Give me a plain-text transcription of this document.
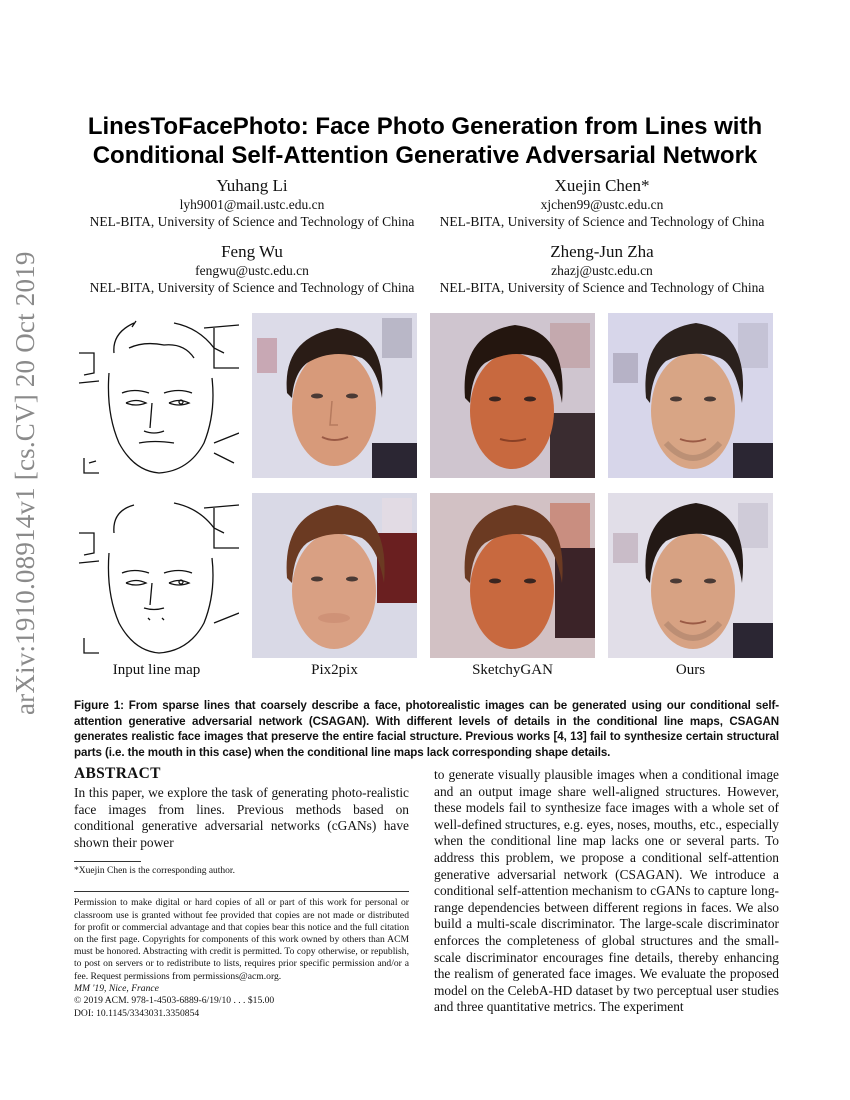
arXiv:1910.08914v1 [cs.CV] 20 Oct 2019
LinesToFacePhoto: Face Photo Generation from Lines with
Conditional Self-Attention Generative Adversarial Network
Yuhang Li
lyh9001@mail.ustc.edu.cn
NEL-BITA, University of Science and Technology of China
Xuejin Chen*
xjchen99@ustc.edu.cn
NEL-BITA, University of Science and Technology of China
Feng Wu
fengwu@ustc.edu.cn
NEL-BITA, University of Science and Technology of China
Zheng-Jun Zha
zhazj@ustc.edu.cn
NEL-BITA, University of Science and Technology of China
Input line map	Pix2pix	SketchyGAN	Ours
Figure 1: From sparse lines that coarsely describe a face, photorealistic images can be generated using our conditional self-attention generative adversarial network (CSAGAN). With different levels of details in the conditional line maps, CSAGAN generates realistic face images that preserve the entire facial structure. Previous works [4, 13] fail to synthesize certain structural parts (i.e. the mouth in this case) when the conditional line maps lack corresponding shape details.
ABSTRACT

In this paper, we explore the task of generating photo-realistic face images from lines. Previous methods based on conditional generative adversarial networks (cGANs) have shown their power

*Xuejin Chen is the corresponding author.

Permission to make digital or hard copies of all or part of this work for personal or classroom use is granted without fee provided that copies are not made or distributed for profit or commercial advantage and that copies bear this notice and the full citation on the first page. Copyrights for components of this work owned by others than ACM must be honored. Abstracting with credit is permitted. To copy otherwise, or republish, to post on servers or to redistribute to lists, requires prior specific permission and/or a fee. Request permissions from permissions@acm.org.

MM '19, Nice, France
© 2019 ACM. 978-1-4503-6889-6/19/10 . . . $15.00
DOI: 10.1145/3343031.3350854

to generate visually plausible images when a conditional image and an output image share well-aligned structures. However, these models fail to synthesize face images with a whole set of well-defined structures, e.g. eyes, noses, mouths, etc., especially when the conditional line map lacks one or several parts. To address this problem, we propose a conditional self-attention generative adversarial network (CSAGAN). We introduce a conditional self-attention mechanism to cGANs to capture long-range dependencies between different regions in faces. We also build a multi-scale discriminator. The large-scale discriminator enforces the completeness of global structures and the small-scale discriminator encourages fine details, thereby enhancing the realism of generated face images. We evaluate the proposed model on the CelebA-HD dataset by two perceptual user studies and three quantitative metrics. The experiment
